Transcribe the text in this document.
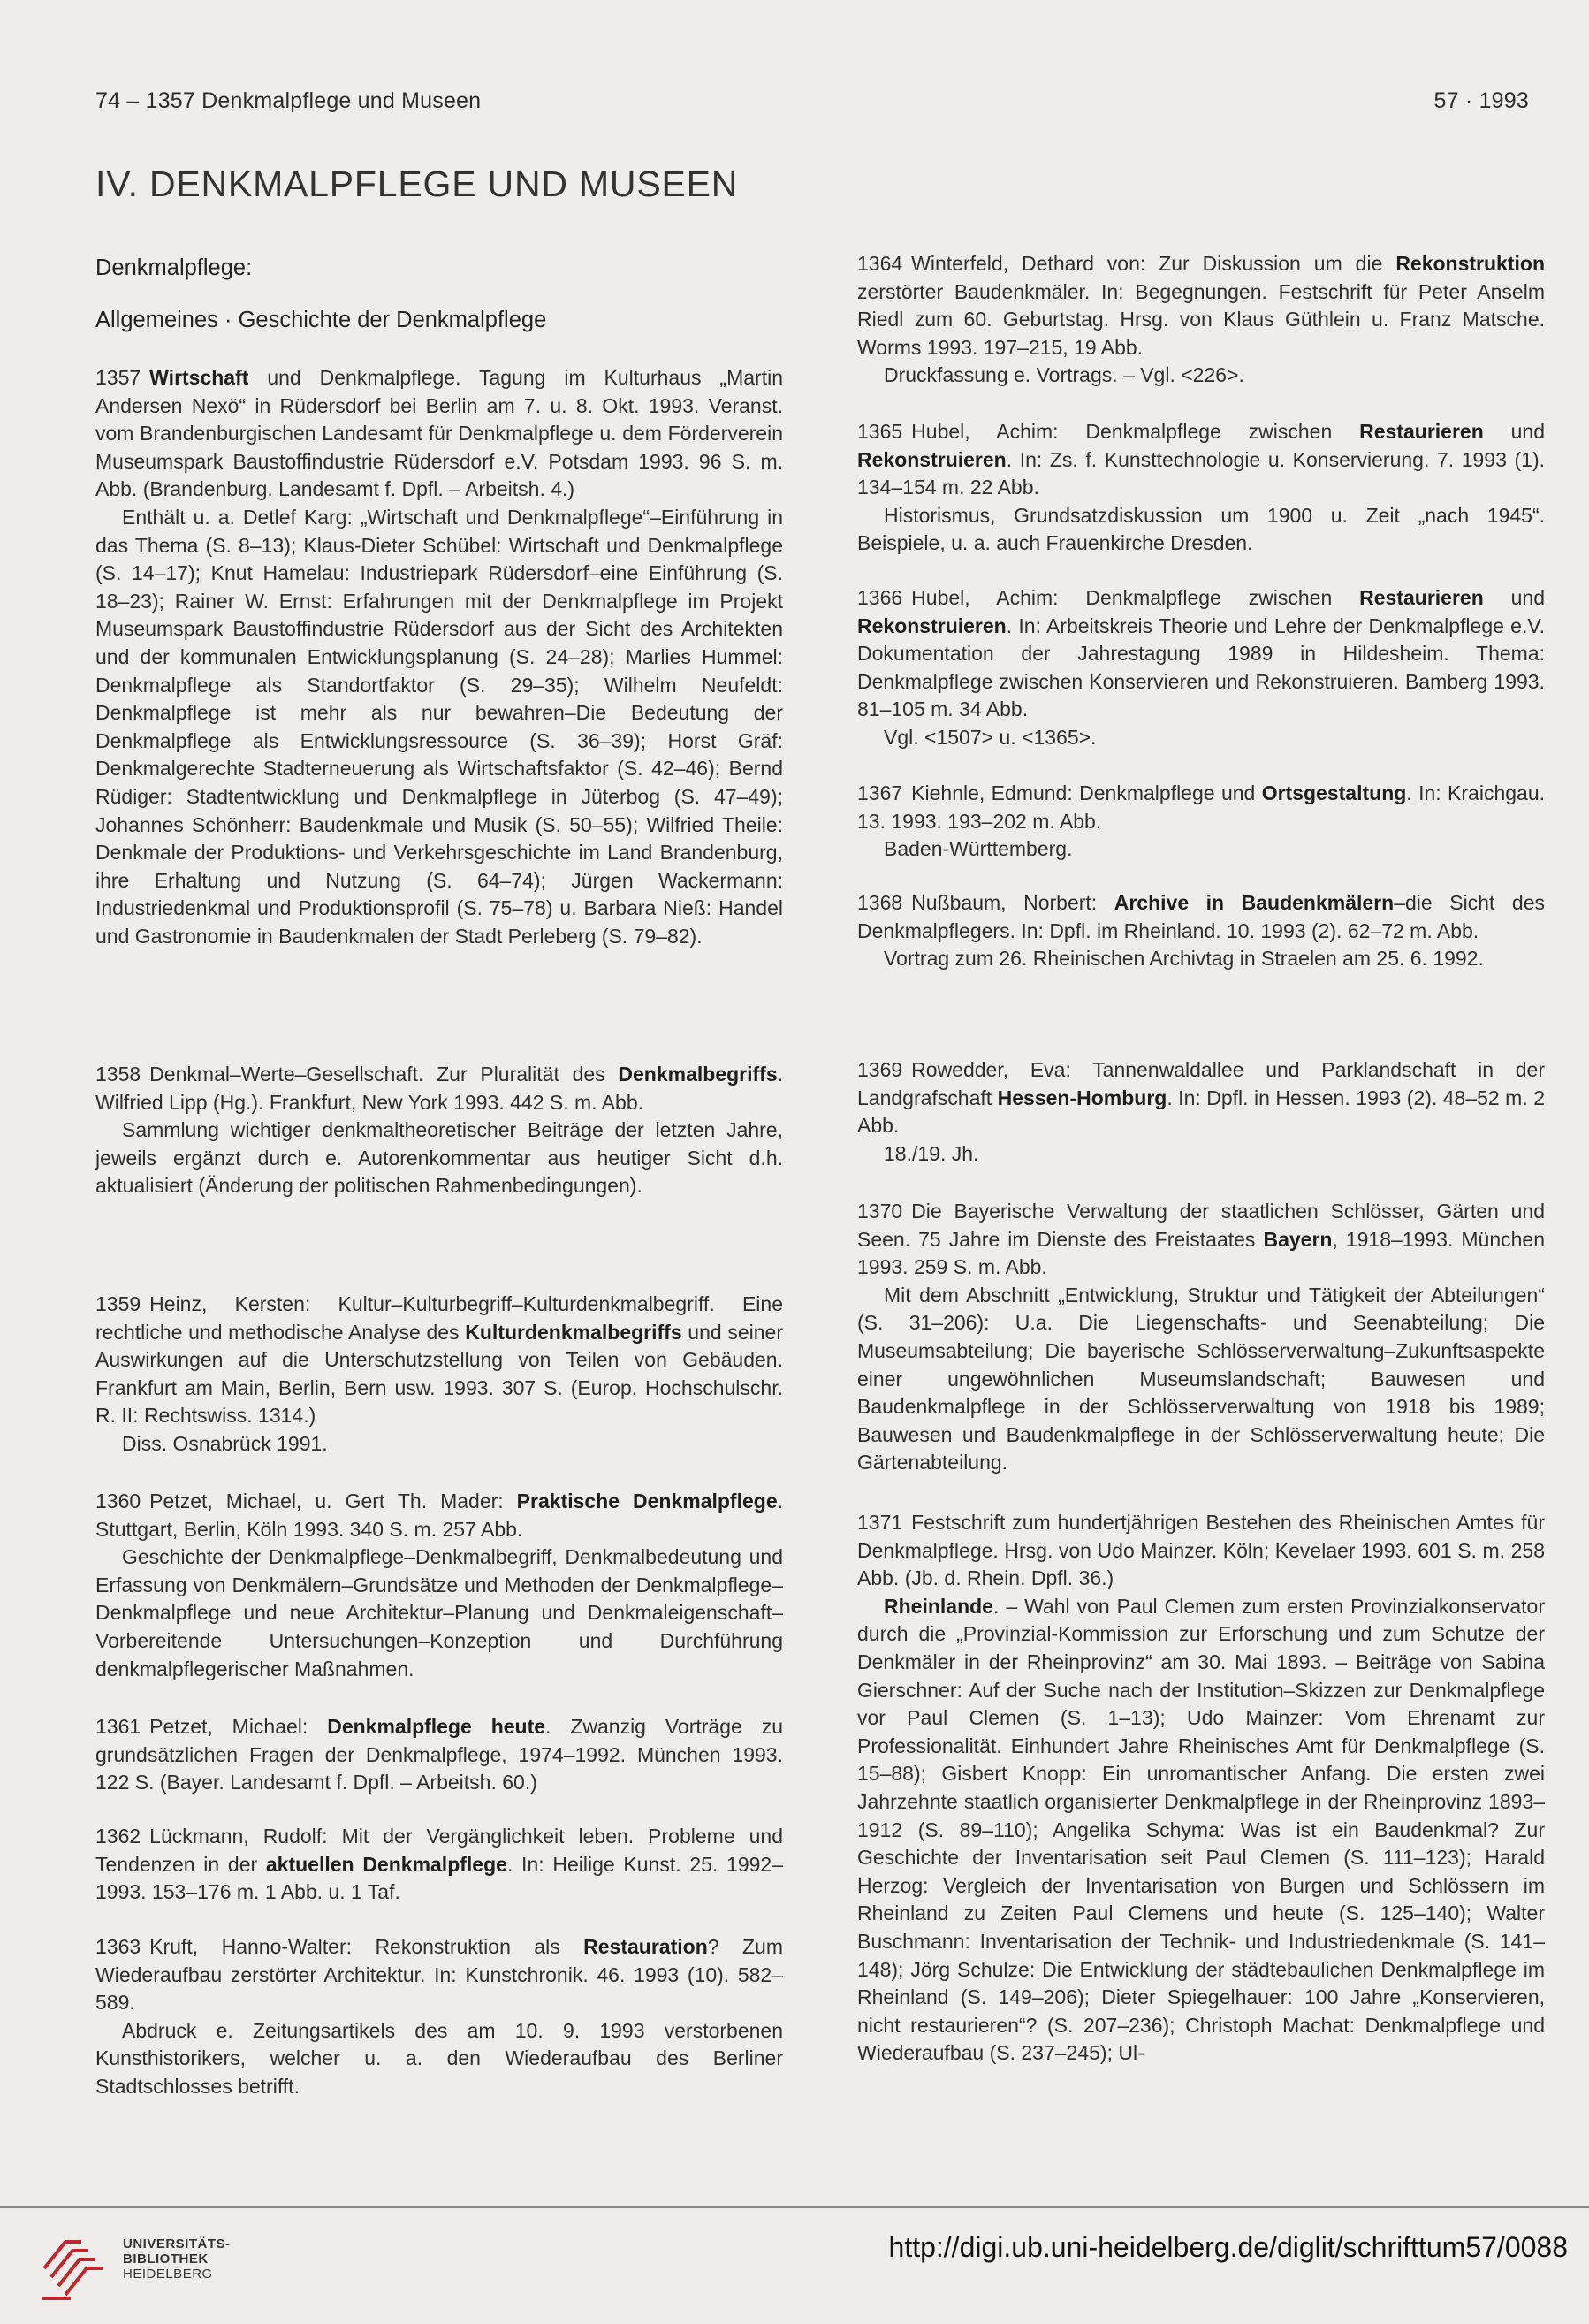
74 – 1357 Denkmalpflege und Museen	57 · 1993
IV. DENKMALPFLEGE UND MUSEEN
Denkmalpflege:
Allgemeines · Geschichte der Denkmalpflege

1357 Wirtschaft und Denkmalpflege. Tagung im Kulturhaus „Martin Andersen Nexö“ in Rüdersdorf bei Berlin am 7. u. 8. Okt. 1993. Veranst. vom Brandenburgischen Landesamt für Denkmalpflege u. dem Förderverein Museumspark Baustoffindustrie Rüdersdorf e.V. Potsdam 1993. 96 S. m. Abb. (Brandenburg. Landesamt f. Dpfl. – Arbeitsh. 4.)

Enthält u. a. Detlef Karg: „Wirtschaft und Denkmalpflege“–Einführung in das Thema (S. 8–13); Klaus-Dieter Schübel: Wirtschaft und Denkmalpflege (S. 14–17); Knut Hamelau: Industriepark Rüdersdorf–eine Einführung (S. 18–23); Rainer W. Ernst: Erfahrungen mit der Denkmalpflege im Projekt Museumspark Baustoffindustrie Rüdersdorf aus der Sicht des Architekten und der kommunalen Entwicklungsplanung (S. 24–28); Marlies Hummel: Denkmalpflege als Standortfaktor (S. 29–35); Wilhelm Neufeldt: Denkmalpflege ist mehr als nur bewahren–Die Bedeutung der Denkmalpflege als Entwicklungsressource (S. 36–39); Horst Gräf: Denkmalgerechte Stadterneuerung als Wirtschaftsfaktor (S. 42–46); Bernd Rüdiger: Stadtentwicklung und Denkmalpflege in Jüterbog (S. 47–49); Johannes Schönherr: Baudenkmale und Musik (S. 50–55); Wilfried Theile: Denkmale der Produktions- und Verkehrsgeschichte im Land Brandenburg, ihre Erhaltung und Nutzung (S. 64–74); Jürgen Wackermann: Industriedenkmal und Produktionsprofil (S. 75–78) u. Barbara Nieß: Handel und Gastronomie in Baudenkmalen der Stadt Perleberg (S. 79–82).

1358 Denkmal–Werte–Gesellschaft. Zur Pluralität des Denkmalbegriffs. Wilfried Lipp (Hg.). Frankfurt, New York 1993. 442 S. m. Abb.

Sammlung wichtiger denkmaltheoretischer Beiträge der letzten Jahre, jeweils ergänzt durch e. Autorenkommentar aus heutiger Sicht d.h. aktualisiert (Änderung der politischen Rahmenbedingungen).

1359 Heinz, Kersten: Kultur–Kulturbegriff–Kulturdenkmalbegriff. Eine rechtliche und methodische Analyse des Kulturdenkmalbegriffs und seiner Auswirkungen auf die Unterschutzstellung von Teilen von Gebäuden. Frankfurt am Main, Berlin, Bern usw. 1993. 307 S. (Europ. Hochschulschr. R. II: Rechtswiss. 1314.)

Diss. Osnabrück 1991.

1360 Petzet, Michael, u. Gert Th. Mader: Praktische Denkmalpflege. Stuttgart, Berlin, Köln 1993. 340 S. m. 257 Abb.

Geschichte der Denkmalpflege–Denkmalbegriff, Denkmalbedeutung und Erfassung von Denkmälern–Grundsätze und Methoden der Denkmalpflege–Denkmalpflege und neue Architektur–Planung und Denkmaleigenschaft–Vorbereitende Untersuchungen–Konzeption und Durchführung denkmalpflegerischer Maßnahmen.

1361 Petzet, Michael: Denkmalpflege heute. Zwanzig Vorträge zu grundsätzlichen Fragen der Denkmalpflege, 1974–1992. München 1993. 122 S. (Bayer. Landesamt f. Dpfl. – Arbeitsh. 60.)

1362 Lückmann, Rudolf: Mit der Vergänglichkeit leben. Probleme und Tendenzen in der aktuellen Denkmalpflege. In: Heilige Kunst. 25. 1992–1993. 153–176 m. 1 Abb. u. 1 Taf.

1363 Kruft, Hanno-Walter: Rekonstruktion als Restauration? Zum Wiederaufbau zerstörter Architektur. In: Kunstchronik. 46. 1993 (10). 582–589.

Abdruck e. Zeitungsartikels des am 10. 9. 1993 verstorbenen Kunsthistorikers, welcher u. a. den Wiederaufbau des Berliner Stadtschlosses betrifft.

1364 Winterfeld, Dethard von: Zur Diskussion um die Rekonstruktion zerstörter Baudenkmäler. In: Begegnungen. Festschrift für Peter Anselm Riedl zum 60. Geburtstag. Hrsg. von Klaus Güthlein u. Franz Matsche. Worms 1993. 197–215, 19 Abb.

Druckfassung e. Vortrags. – Vgl. <226>.

1365 Hubel, Achim: Denkmalpflege zwischen Restaurieren und Rekonstruieren. In: Zs. f. Kunsttechnologie u. Konservierung. 7. 1993 (1). 134–154 m. 22 Abb.

Historismus, Grundsatzdiskussion um 1900 u. Zeit „nach 1945“. Beispiele, u. a. auch Frauenkirche Dresden.

1366 Hubel, Achim: Denkmalpflege zwischen Restaurieren und Rekonstruieren. In: Arbeitskreis Theorie und Lehre der Denkmalpflege e.V. Dokumentation der Jahrestagung 1989 in Hildesheim. Thema: Denkmalpflege zwischen Konservieren und Rekonstruieren. Bamberg 1993. 81–105 m. 34 Abb.

Vgl. <1507> u. <1365>.

1367 Kiehnle, Edmund: Denkmalpflege und Ortsgestaltung. In: Kraichgau. 13. 1993. 193–202 m. Abb.

Baden-Württemberg.

1368 Nußbaum, Norbert: Archive in Baudenkmälern–die Sicht des Denkmalpflegers. In: Dpfl. im Rheinland. 10. 1993 (2). 62–72 m. Abb.

Vortrag zum 26. Rheinischen Archivtag in Straelen am 25. 6. 1992.

1369 Rowedder, Eva: Tannenwaldallee und Parklandschaft in der Landgrafschaft Hessen-Homburg. In: Dpfl. in Hessen. 1993 (2). 48–52 m. 2 Abb.

18./19. Jh.

1370 Die Bayerische Verwaltung der staatlichen Schlösser, Gärten und Seen. 75 Jahre im Dienste des Freistaates Bayern, 1918–1993. München 1993. 259 S. m. Abb.

Mit dem Abschnitt „Entwicklung, Struktur und Tätigkeit der Abteilungen“ (S. 31–206): U.a. Die Liegenschafts- und Seenabteilung; Die Museumsabteilung; Die bayerische Schlösserverwaltung–Zukunftsaspekte einer ungewöhnlichen Museumslandschaft; Bauwesen und Baudenkmalpflege in der Schlösserverwaltung von 1918 bis 1989; Bauwesen und Baudenkmalpflege in der Schlösserverwaltung heute; Die Gärtenabteilung.

1371 Festschrift zum hundertjährigen Bestehen des Rheinischen Amtes für Denkmalpflege. Hrsg. von Udo Mainzer. Köln; Kevelaer 1993. 601 S. m. 258 Abb. (Jb. d. Rhein. Dpfl. 36.)

Rheinlande. – Wahl von Paul Clemen zum ersten Provinzialkonservator durch die „Provinzial-Kommission zur Erforschung und zum Schutze der Denkmäler in der Rheinprovinz“ am 30. Mai 1893. – Beiträge von Sabina Gierschner: Auf der Suche nach der Institution–Skizzen zur Denkmalpflege vor Paul Clemen (S. 1–13); Udo Mainzer: Vom Ehrenamt zur Professionalität. Einhundert Jahre Rheinisches Amt für Denkmalpflege (S. 15–88); Gisbert Knopp: Ein unromantischer Anfang. Die ersten zwei Jahrzehnte staatlich organisierter Denkmalpflege in der Rheinprovinz 1893–1912 (S. 89–110); Angelika Schyma: Was ist ein Baudenkmal? Zur Geschichte der Inventarisation seit Paul Clemen (S. 111–123); Harald Herzog: Vergleich der Inventarisation von Burgen und Schlössern im Rheinland zu Zeiten Paul Clemens und heute (S. 125–140); Walter Buschmann: Inventarisation der Technik- und Industriedenkmale (S. 141–148); Jörg Schulze: Die Entwicklung der städtebaulichen Denkmalpflege im Rheinland (S. 149–206); Dieter Spiegelhauer: 100 Jahre „Konservieren, nicht restaurieren“? (S. 207–236); Christoph Machat: Denkmalpflege und Wiederaufbau (S. 237–245); Ul-

UNIVERSITÄTS-
BIBLIOTHEK
HEIDELBERG
http://digi.ub.uni-heidelberg.de/diglit/schrifttum57/0088
